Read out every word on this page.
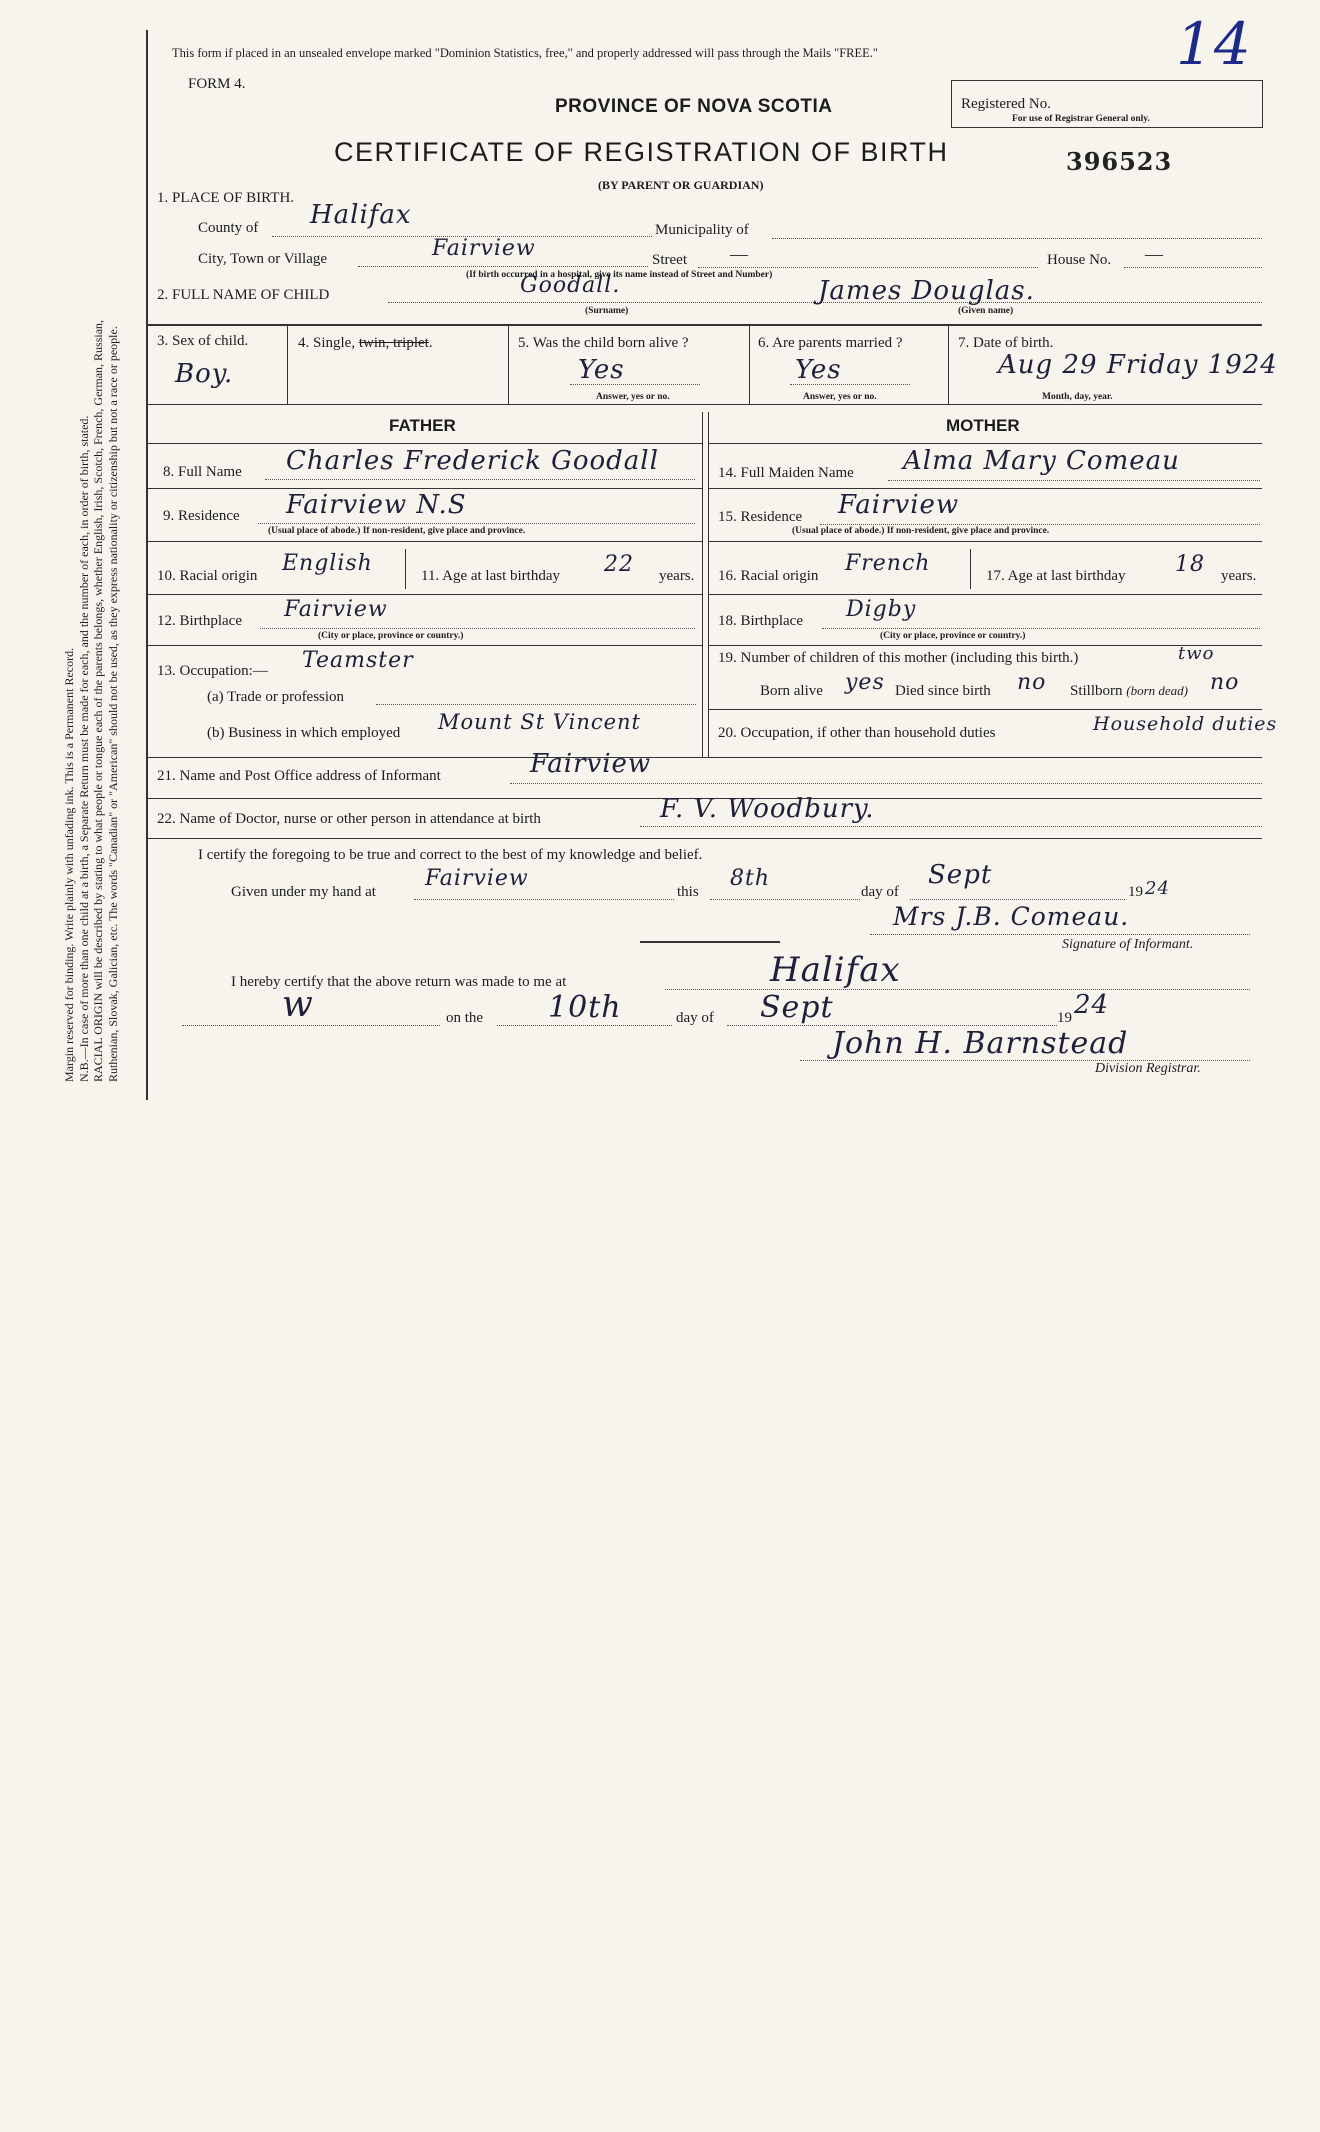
Margin reserved for binding. Write plainly with unfading ink. This is a Permanent Record. N.B.—In case of more than one child at a birth, a Separate Return must be made for each, and the number of each, in order of birth, stated. RACIAL ORIGIN will be described by stating to what people or tongue each of the parents belongs, whether English, Irish, Scotch, French, German, Russian, Ruthenian, Slovak, Galician, etc. The words "Canadian" or "American" should not be used, as they express nationality or citizenship but not a race or people.
This form if placed in an unsealed envelope marked "Dominion Statistics, free," and properly addressed will pass through the Mails "FREE."
FORM 4.
PROVINCE OF NOVA SCOTIA
CERTIFICATE OF REGISTRATION OF BIRTH
(BY PARENT OR GUARDIAN)
Registered No.
For use of Registrar General only.
396523
14
1. PLACE OF BIRTH.
County of Halifax	Municipality of
City, Town or Village	Fairview	Street —	House No. —
(If birth occurred in a hospital, give its name instead of Street and Number)
2. FULL NAME OF CHILD	Goodall.
(Surname)
James Douglas.
(Given name)
3. Sex of child.
Boy.
4. Single, twin, triplet.	5. Was the child born alive ?
Yes
Answer, yes or no.
6. Are parents married ?
Yes
Answer, yes or no.
7. Date of birth.
Aug 29 Friday 1924
Month, day, year.
FATHER	MOTHER
8. Full Name Charles Frederick Goodall
9. Residence Fairview N.S
(Usual place of abode.) If non-resident, give place and province.
10. Racial origin English	11. Age at last birthday 22 years.
12. Birthplace Fairview
(City or place, province or country.)
13. Occupation:— Teamster
(a) Trade or profession
(b) Business in which employed Mount St Vincent
14. Full Maiden Name Alma Mary Comeau
15. Residence Fairview
(Usual place of abode.) If non-resident, give place and province.
16. Racial origin French	17. Age at last birthday 18 years.
18. Birthplace Digby
(City or place, province or country.)
19. Number of children of this mother (including this birth.)	two
Born alive yes Died since birth no Stillborn (born dead) no
20. Occupation, if other than household duties	Household duties
21. Name and Post Office address of Informant	Fairview
22. Name of Doctor, nurse or other person in attendance at birth	F. V. Woodbury.
I certify the foregoing to be true and correct to the best of my knowledge and belief.
Given under my hand at
Fairview
this
8th
day of
Sept
19 24
Mrs J.B. Comeau.
Signature of Informant.
I hereby certify that the above return was made to me at	Halifax
w	on the 10th	day of Sept	19 24
John H. Barnstead
Division Registrar.
